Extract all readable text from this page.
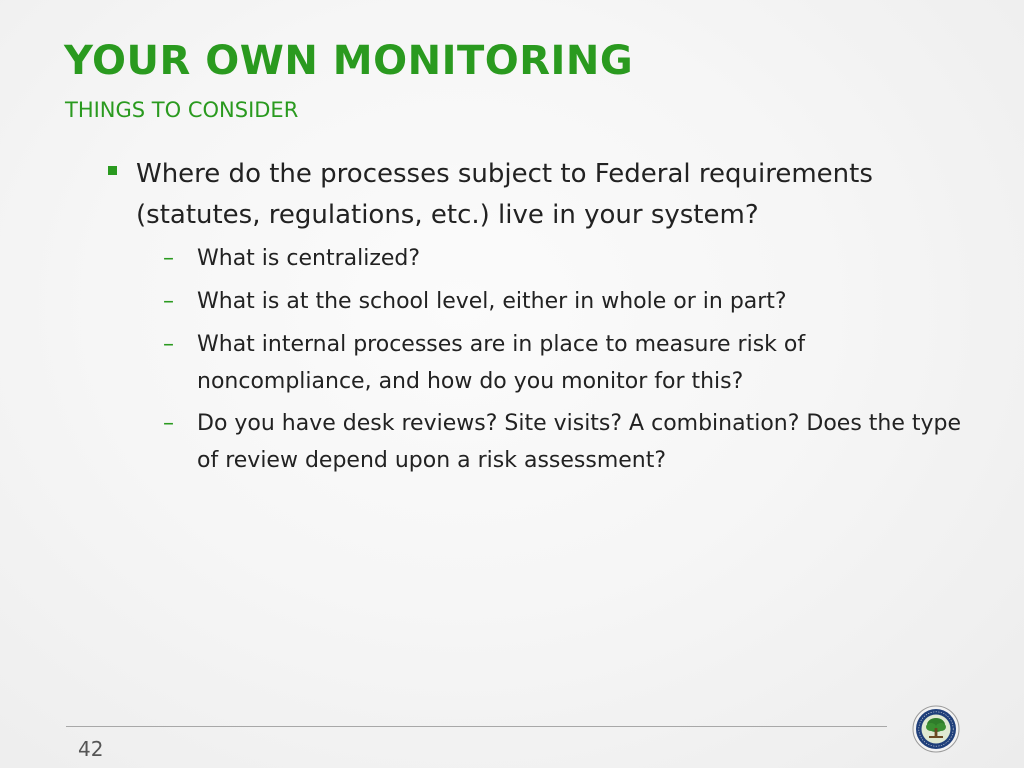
YOUR OWN MONITORING
THINGS TO CONSIDER
Where do the processes subject to Federal requirements (statutes, regulations, etc.) live in your system?
–	What is centralized?
–	What is at the school level, either in whole or in part?
–	What internal processes are in place to measure risk of noncompliance, and how do you monitor for this?
–	Do you have desk reviews? Site visits? A combination? Does the type of review depend upon a risk assessment?
42
